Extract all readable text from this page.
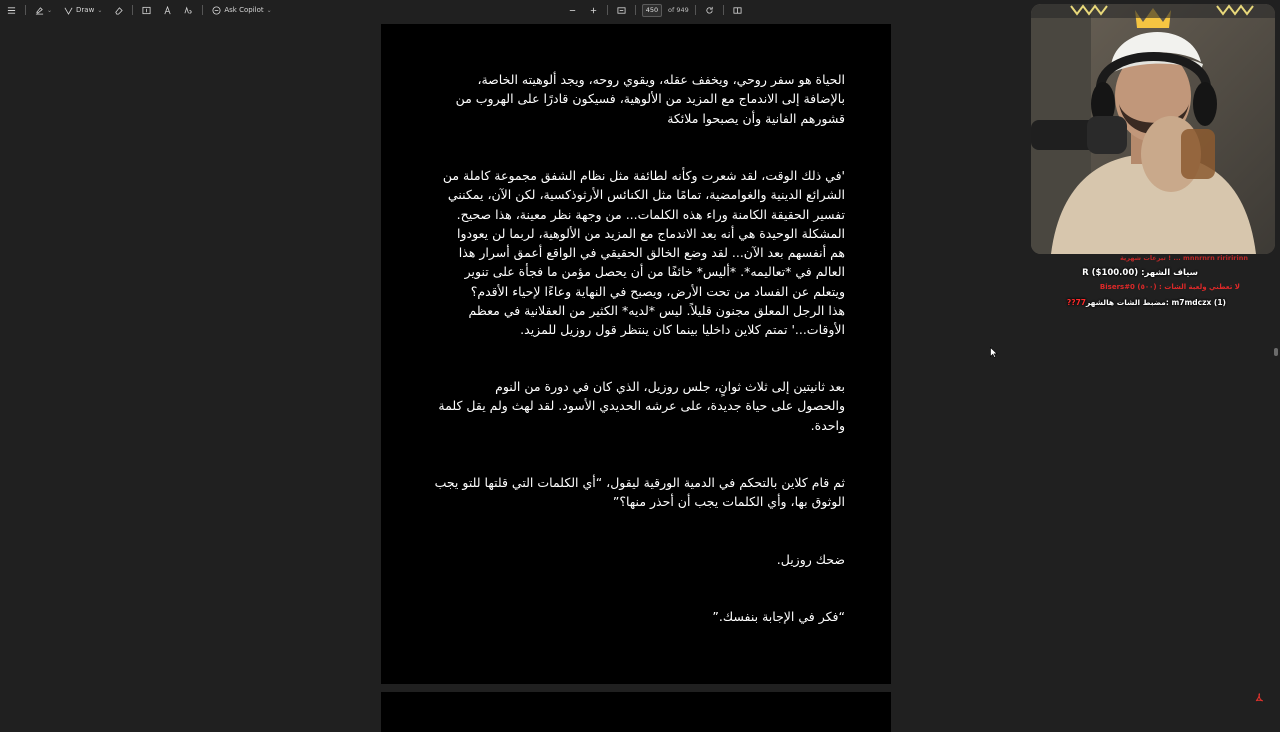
⌄	Draw ⌄	Ask Copilot ⌄
450	of 949

الحياة هو سفر روحي، ويخفف عقله، ويقوي روحه، ويجد ألوهيته الخاصة،
بالإضافة إلى الاندماج مع المزيد من الألوهية، فسيكون قادرًا على الهروب من
قشورهم الفانية وأن يصبحوا ملائكة

'في ذلك الوقت، لقد شعرت وكأنه لطائفة مثل نظام الشفق مجموعة كاملة من
الشرائع الدينية والغوامضية، تمامًا مثل الكنائس الأرثوذكسية، لكن الآن، يمكنني
تفسير الحقيقة الكامنة وراء هذه الكلمات... من وجهة نظر معينة، هذا صحيح.
المشكلة الوحيدة هي أنه بعد الاندماج مع المزيد من الألوهية، لربما لن يعودوا
هم أنفسهم بعد الآن... لقد وضع الخالق الحقيقي في الواقع أعمق أسرار هذا
العالم في *تعاليمه*. *أليس* خائفًا من أن يحصل مؤمن ما فجأة على تنوير
ويتعلم عن الفساد من تحت الأرض، ويصبح في النهاية وعاءًا لإحياء الأقدم؟
هذا الرجل المعلق مجنون قليلاً. ليس *لديه* الكثير من العقلانية في معظم
الأوقات...' تمتم كلاين داخليا بينما كان ينتظر قول روزيل للمزيد.

بعد ثانيتين إلى ثلاث ثوانٍ، جلس روزيل، الذي كان في دورة من النوم
والحصول على حياة جديدة، على عرشه الحديدي الأسود. لقد لهث ولم يقل كلمة
واحدة.

ثم قام كلاين بالتحكم في الدمية الورقية ليقول، “أي الكلمات التي قلتها للتو يجب
الوثوق بها، وأي الكلمات يجب أن أحذر منها؟”

ضحك روزيل.

“فكر في الإجابة بنفسك.”

mnnrnrn ririririnn ... ! تبرعات شهرية
سياف الشهر: (R ($100.00
لا تعطني ولعبة الشات : (٥٠٠) Bisers#0
m7mdczx (1) :مضبط الشات هالشهر77??
